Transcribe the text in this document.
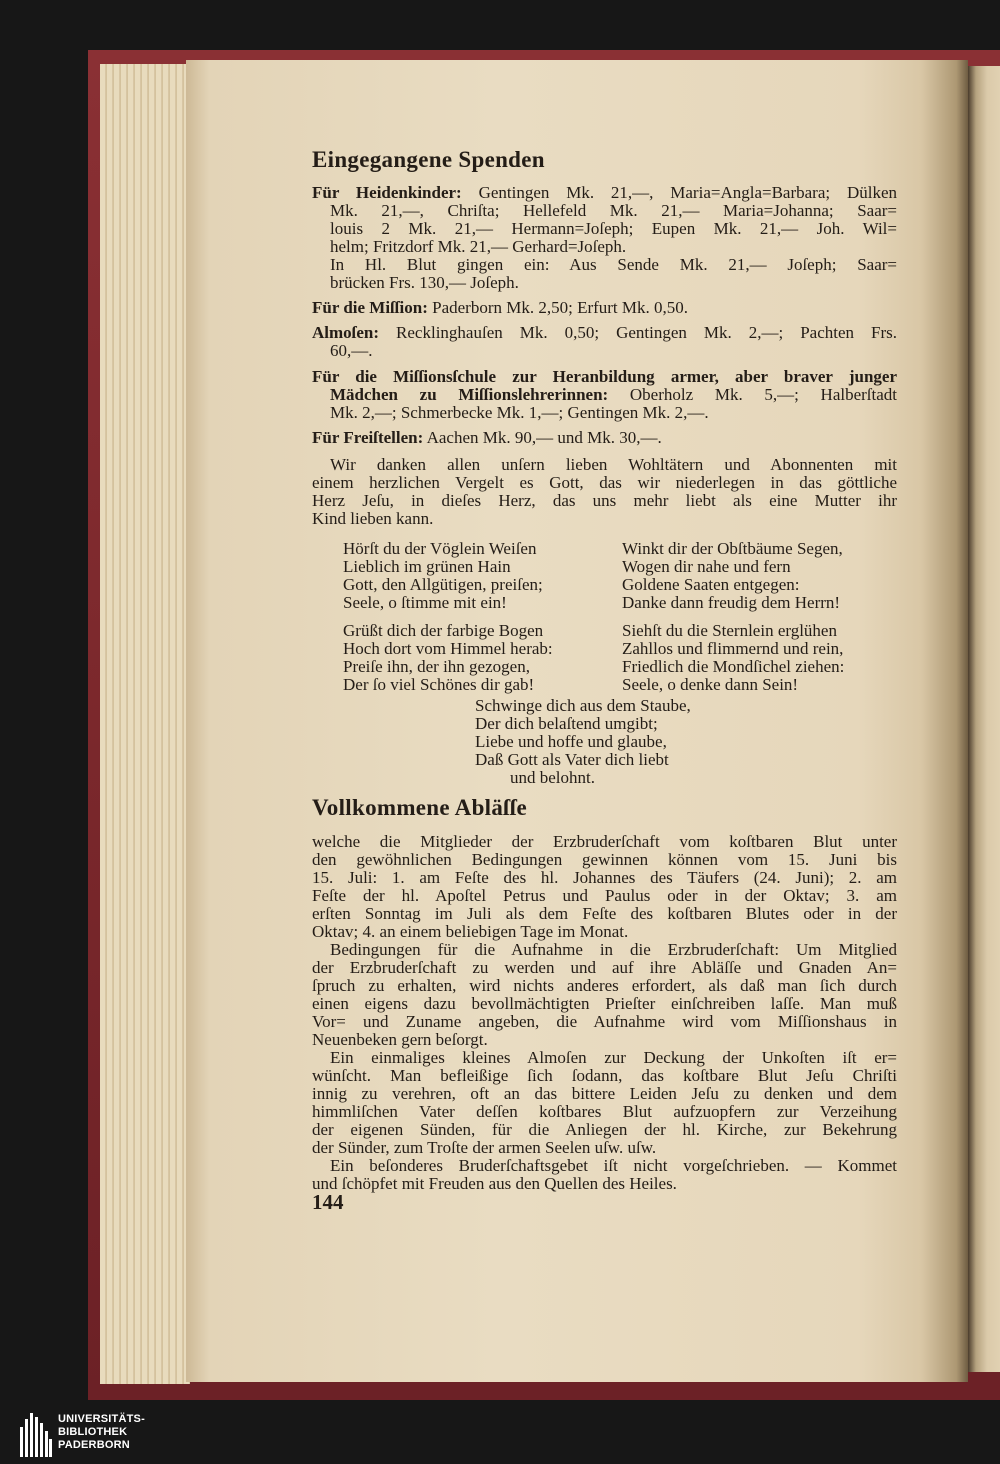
Eingegangene Spenden
Für Heidenkinder: Gentingen Mk. 21,—, Maria=Angla=Barbara; Dülken
Mk. 21,—, Chriſta; Hellefeld Mk. 21,— Maria=Johanna; Saar=
louis 2 Mk. 21,— Hermann=Joſeph; Eupen Mk. 21,— Joh. Wil=
helm; Fritzdorf Mk. 21,— Gerhard=Joſeph.
In Hl. Blut gingen ein: Aus Sende Mk. 21,— Joſeph; Saar=
brücken Frs. 130,— Joſeph.
Für die Miſſion: Paderborn Mk. 2,50; Erfurt Mk. 0,50.
Almoſen: Recklinghauſen Mk. 0,50; Gentingen Mk. 2,—; Pachten Frs.
60,—.
Für die Miſſionsſchule zur Heranbildung armer, aber braver junger
Mädchen zu Miſſionslehrerinnen: Oberholz Mk. 5,—; Halberſtadt
Mk. 2,—; Schmerbecke Mk. 1,—; Gentingen Mk. 2,—.
Für Freiſtellen: Aachen Mk. 90,— und Mk. 30,—.
Wir danken allen unſern lieben Wohltätern und Abonnenten mit
einem herzlichen Vergelt es Gott, das wir niederlegen in das göttliche
Herz Jeſu, in dieſes Herz, das uns mehr liebt als eine Mutter ihr
Kind lieben kann.
Hörſt du der Vöglein Weiſen
Lieblich im grünen Hain
Gott, den Allgütigen, preiſen;
Seele, o ſtimme mit ein!
Winkt dir der Obſtbäume Segen,
Wogen dir nahe und fern
Goldene Saaten entgegen:
Danke dann freudig dem Herrn!
Grüßt dich der farbige Bogen
Hoch dort vom Himmel herab:
Preiſe ihn, der ihn gezogen,
Der ſo viel Schönes dir gab!
Siehſt du die Sternlein erglühen
Zahllos und flimmernd und rein,
Friedlich die Mondſichel ziehen:
Seele, o denke dann Sein!
Schwinge dich aus dem Staube,
Der dich belaſtend umgibt;
Liebe und hoffe und glaube,
Daß Gott als Vater dich liebt
und belohnt.
Vollkommene Abläſſe
welche die Mitglieder der Erzbruderſchaft vom koſtbaren Blut unter
den gewöhnlichen Bedingungen gewinnen können vom 15. Juni bis
15. Juli: 1. am Feſte des hl. Johannes des Täufers (24. Juni); 2. am
Feſte der hl. Apoſtel Petrus und Paulus oder in der Oktav; 3. am
erſten Sonntag im Juli als dem Feſte des koſtbaren Blutes oder in der
Oktav; 4. an einem beliebigen Tage im Monat.
Bedingungen für die Aufnahme in die Erzbruderſchaft: Um Mitglied
der Erzbruderſchaft zu werden und auf ihre Abläſſe und Gnaden An=
ſpruch zu erhalten, wird nichts anderes erfordert, als daß man ſich durch
einen eigens dazu bevollmächtigten Prieſter einſchreiben laſſe. Man muß
Vor= und Zuname angeben, die Aufnahme wird vom Miſſionshaus in
Neuenbeken gern beſorgt.
Ein einmaliges kleines Almoſen zur Deckung der Unkoſten iſt er=
wünſcht. Man befleißige ſich ſodann, das koſtbare Blut Jeſu Chriſti
innig zu verehren, oft an das bittere Leiden Jeſu zu denken und dem
himmliſchen Vater deſſen koſtbares Blut aufzuopfern zur Verzeihung
der eigenen Sünden, für die Anliegen der hl. Kirche, zur Bekehrung
der Sünder, zum Troſte der armen Seelen uſw. uſw.
Ein beſonderes Bruderſchaftsgebet iſt nicht vorgeſchrieben. — Kommet
und ſchöpfet mit Freuden aus den Quellen des Heiles.
144
UNIVERSITÄTS-
BIBLIOTHEK
PADERBORN
